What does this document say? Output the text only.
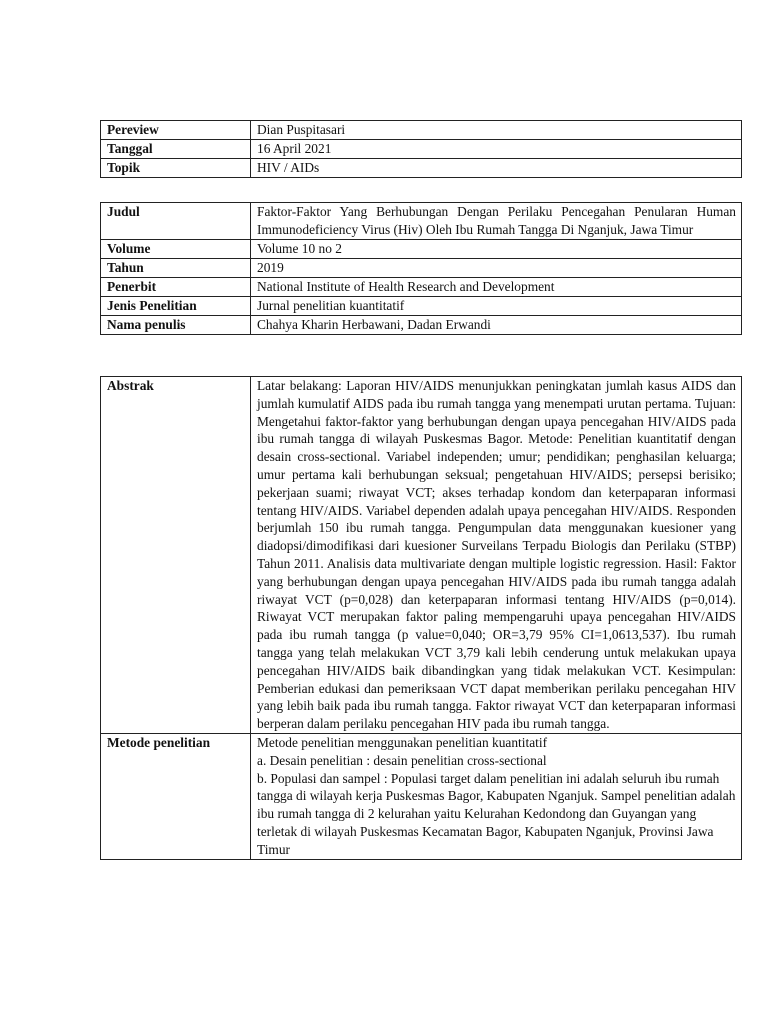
Pereview	Dian Puspitasari
Tanggal	16 April 2021
Topik	HIV / AIDs
Judul	Faktor-Faktor Yang Berhubungan Dengan Perilaku Pencegahan Penularan Human Immunodeficiency Virus (Hiv) Oleh Ibu Rumah Tangga Di Nganjuk, Jawa Timur
Volume	Volume 10 no 2
Tahun	2019
Penerbit	National Institute of Health Research and Development
Jenis Penelitian	Jurnal penelitian kuantitatif
Nama penulis	Chahya Kharin Herbawani, Dadan Erwandi
Abstrak	Latar belakang: Laporan HIV/AIDS menunjukkan peningkatan jumlah kasus AIDS dan jumlah kumulatif AIDS pada ibu rumah tangga yang menempati urutan pertama. Tujuan: Mengetahui faktor-faktor yang berhubungan dengan upaya pencegahan HIV/AIDS pada ibu rumah tangga di wilayah Puskesmas Bagor. Metode: Penelitian kuantitatif dengan desain cross-sectional. Variabel independen; umur; pendidikan; penghasilan keluarga; umur pertama kali berhubungan seksual; pengetahuan HIV/AIDS; persepsi berisiko; pekerjaan suami; riwayat VCT; akses terhadap kondom dan keterpaparan informasi tentang HIV/AIDS. Variabel dependen adalah upaya pencegahan HIV/AIDS. Responden berjumlah 150 ibu rumah tangga. Pengumpulan data menggunakan kuesioner yang diadopsi/dimodifikasi dari kuesioner Surveilans Terpadu Biologis dan Perilaku (STBP) Tahun 2011. Analisis data multivariate dengan multiple logistic regression. Hasil: Faktor yang berhubungan dengan upaya pencegahan HIV/AIDS pada ibu rumah tangga adalah riwayat VCT (p=0,028) dan keterpaparan informasi tentang HIV/AIDS (p=0,014). Riwayat VCT merupakan faktor paling mempengaruhi upaya pencegahan HIV/AIDS pada ibu rumah tangga (p value=0,040; OR=3,79 95% CI=1,0613,537). Ibu rumah tangga yang telah melakukan VCT 3,79 kali lebih cenderung untuk melakukan upaya pencegahan HIV/AIDS baik dibandingkan yang tidak melakukan VCT. Kesimpulan: Pemberian edukasi dan pemeriksaan VCT dapat memberikan perilaku pencegahan HIV yang lebih baik pada ibu rumah tangga. Faktor riwayat VCT dan keterpaparan informasi berperan dalam perilaku pencegahan HIV pada ibu rumah tangga.
Metode penelitian	Metode penelitian menggunakan penelitian kuantitatif
a. Desain penelitian : desain penelitian cross-sectional
b. Populasi dan sampel : Populasi target dalam penelitian ini adalah seluruh ibu rumah tangga di wilayah kerja Puskesmas Bagor, Kabupaten Nganjuk. Sampel penelitian adalah ibu rumah tangga di 2 kelurahan yaitu Kelurahan Kedondong dan Guyangan yang terletak di wilayah Puskesmas Kecamatan Bagor, Kabupaten Nganjuk, Provinsi Jawa Timur
